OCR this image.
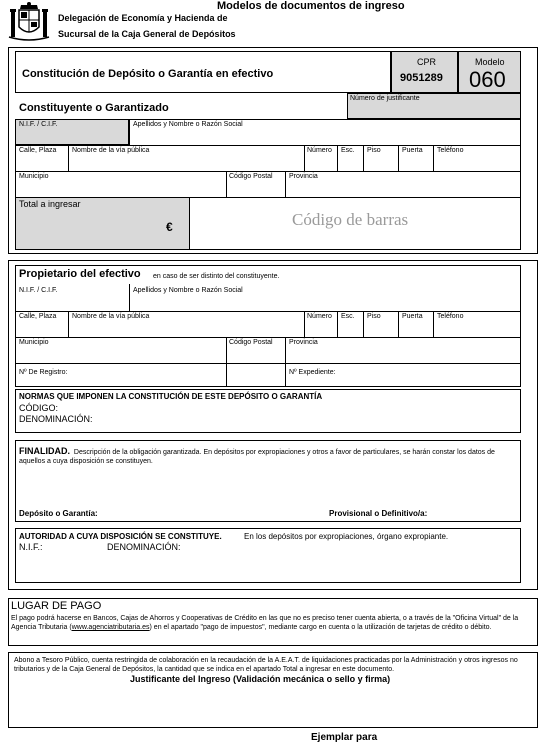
Modelos de documentos de ingreso
Delegación de Economía y Hacienda de
Sucursal de la Caja General de Depósitos
Constitución de Depósito o Garantía en efectivo
CPR
9051289
Modelo
060
Número de justificante
Constituyente o Garantizado
N.I.F. / C.I.F.	Apellidos y Nombre o Razón Social
Calle, Plaza Nombre de la vía pública	Número Esc. Piso	Puerta Teléfono
Municipio	Código Postal Provincia
Total a ingresar
€	Código de barras
Propietario del efectivo en caso de ser distinto del constituyente.
N.I.F. / C.I.F.	Apellidos y Nombre o Razón Social
Calle, Plaza Nombre de la vía pública	Número Esc. Piso	Puerta Teléfono
Municipio	Código Postal Provincia
Nº De Registro:	Nº Expediente:
NORMAS QUE IMPONEN LA CONSTITUCIÓN DE ESTE DEPÓSITO O GARANTÍA
CÓDIGO:
DENOMINACIÓN:
FINALIDAD. Descripción de la obligación garantizada. En depósitos por expropiaciones y otros a favor de particulares, se harán constar los datos de aquellos a cuya disposición se constituyen.
Depósito o Garantía:	Provisional o Definitivo/a:
AUTORIDAD A CUYA DISPOSICIÓN SE CONSTITUYE.	En los depósitos por expropiaciones, órgano expropiante.
N.I.F.:	DENOMINACIÓN:
LUGAR DE PAGO
El pago podrá hacerse en Bancos, Cajas de Ahorros y Cooperativas de Crédito en las que no es preciso tener cuenta abierta, o a través de la "Oficina Virtual" de la Agencia Tributaria (www.agenciatributaria.es) en el apartado "pago de impuestos", mediante cargo en cuenta o la utilización de tarjetas de crédito o débito.
Abono a Tesoro Público, cuenta restringida de colaboración en la recaudación de la A.E.A.T. de liquidaciones practicadas por la Administración y otros ingresos no tributarios y de la Caja General de Depósitos, la cantidad que se indica en el apartado Total a ingresar en este documento.
Justificante del Ingreso (Validación mecánica o sello y firma)
Ejemplar para
